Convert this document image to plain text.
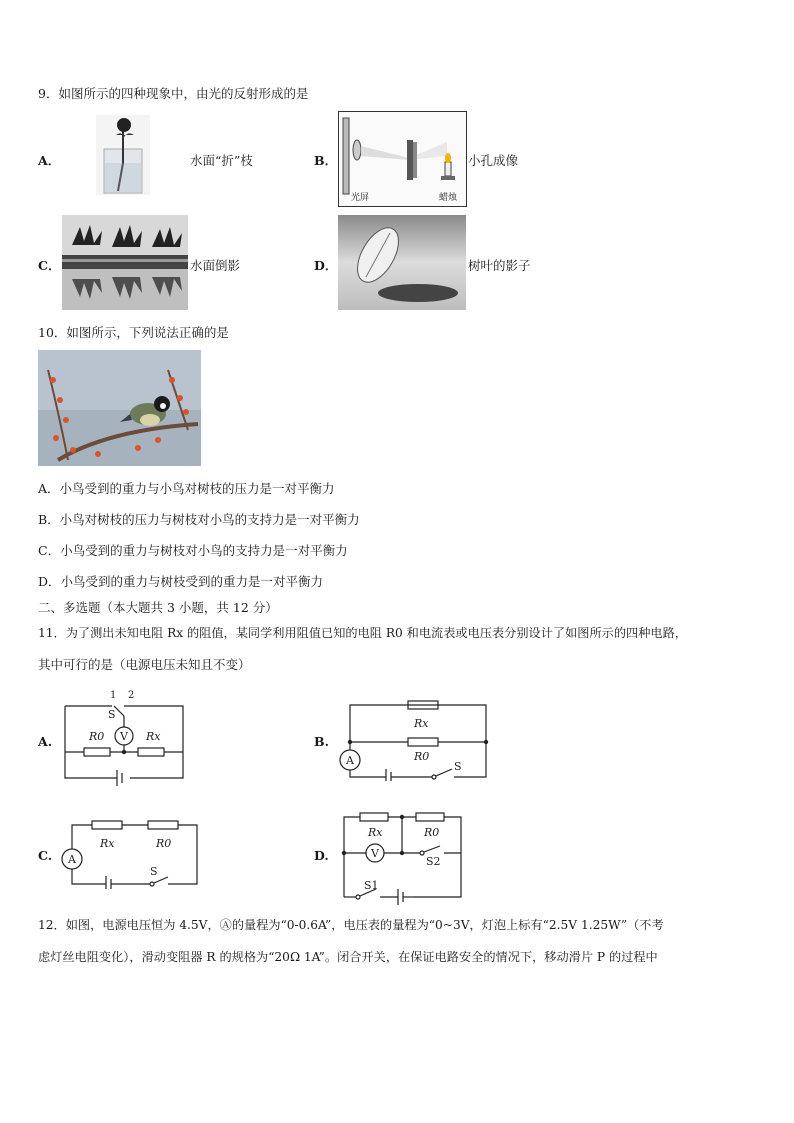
9．如图所示的四种现象中，由光的反射形成的是
A．	水面“折”枝	B．
光屏	蜡烛
小孔成像
C．	水面倒影	D．	树叶的影子
10．如图所示，下列说法正确的是
A．小鸟受到的重力与小鸟对树枝的压力是一对平衡力
B．小鸟对树枝的压力与树枝对小鸟的支持力是一对平衡力
C．小鸟受到的重力与树枝对小鸟的支持力是一对平衡力
D．小鸟受到的重力与树枝受到的重力是一对平衡力
二、多选题（本大题共 3 小题，共 12 分）
11．为了测出未知电阻 Rx 的阻值，某同学利用阻值已知的电阻 R0 和电流表或电压表分别设计了如图所示的四种电路，
其中可行的是（电源电压未知且不变）
A.	V
R0	Rx
S
1 2
B.
A
Rx
R0
S
C. A
Rx	R0
S
D.	V
Rx	R0
S2
S1
12．如图，电源电压恒为 4.5V，Ⓐ的量程为“0-0.6A”，电压表的量程为“0~3V，灯泡上标有“2.5V 1.25W”（不考
虑灯丝电阻变化），滑动变阻器 R 的规格为“20Ω 1A”。闭合开关，在保证电路安全的情况下，移动滑片 P 的过程中
